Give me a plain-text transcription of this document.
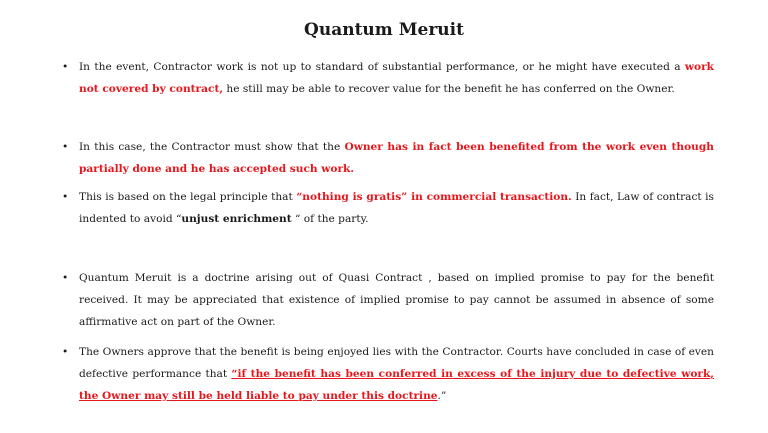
Quantum Meruit
• In the event, Contractor work is not up to standard of substantial performance, or he might have executed a work not covered by contract, he still may be able to recover value for the benefit he has conferred on the Owner.
• In this case, the Contractor must show that the Owner has in fact been benefited from the work even though partially done and he has accepted such work.
• This is based on the legal principle that “nothing is gratis” in commercial transaction. In fact, Law of contract is indented to avoid “unjust enrichment “ of the party.
• Quantum Meruit is a doctrine arising out of Quasi Contract , based on implied promise to pay for the benefit received. It may be appreciated that existence of implied promise to pay cannot be assumed in absence of some affirmative act on part of the Owner.
• The Owners approve that the benefit is being enjoyed lies with the Contractor. Courts have concluded in case of even defective performance that “if the benefit has been conferred in excess of the injury due to defective work, the Owner may still be held liable to pay under this doctrine.”
